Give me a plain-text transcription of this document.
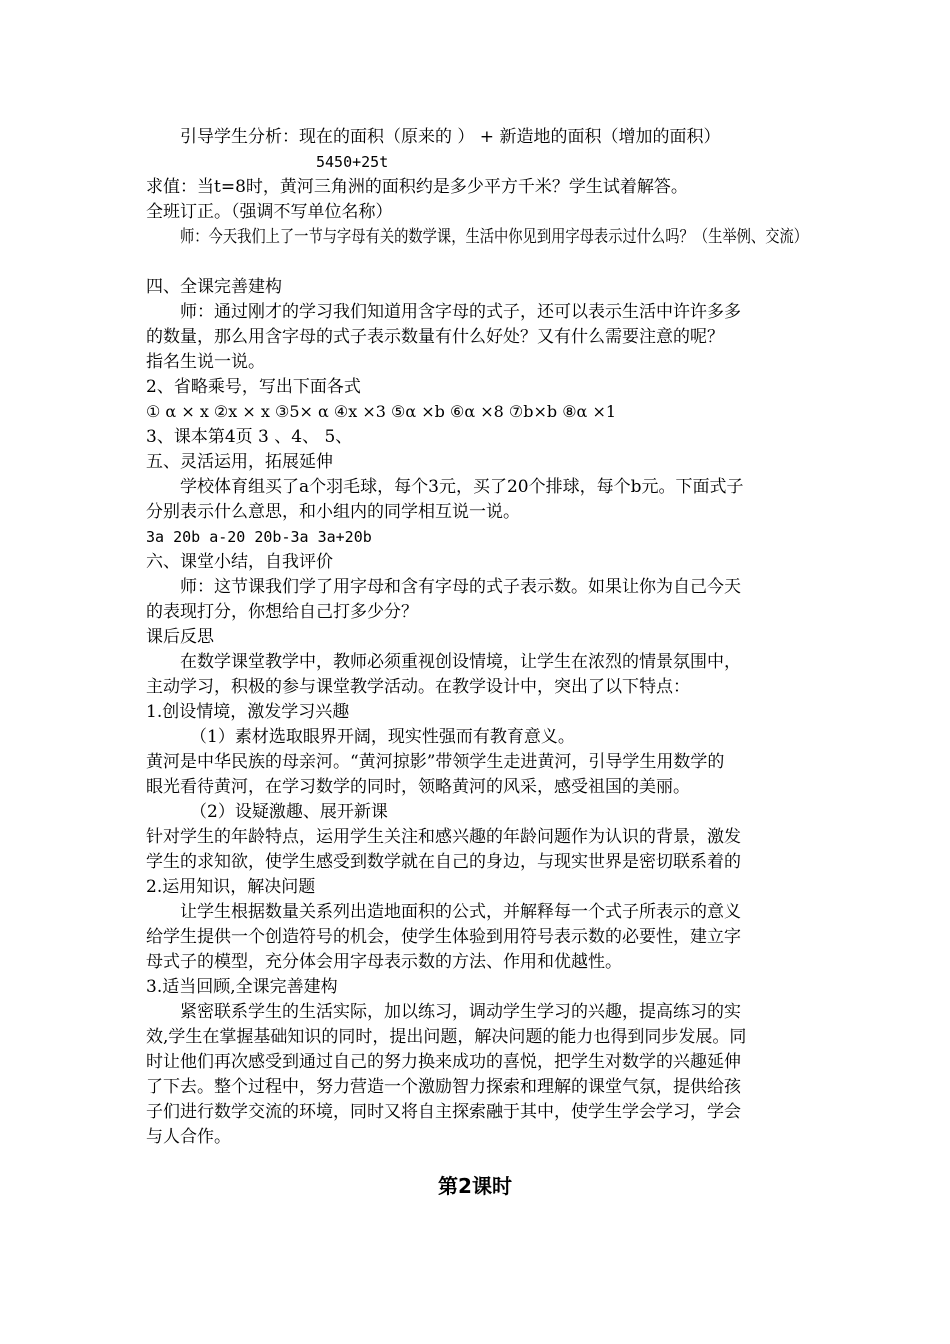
引导学生分析：现在的面积（原来的 ） + 新造地的面积（增加的面积）
5450+25t
求值：当t=8时，黄河三角洲的面积约是多少平方千米？学生试着解答。
全班订正。（强调不写单位名称）
师：今天我们上了一节与字母有关的数学课，生活中你见到用字母表示过什么吗？（生举例、交流）
四、全课完善建构
师：通过刚才的学习我们知道用含字母的式子，还可以表示生活中许许多多
的数量，那么用含字母的式子表示数量有什么好处？又有什么需要注意的呢？
指名生说一说。
2、省略乘号，写出下面各式
① α × x ②x × x ③5× α ④x ×3 ⑤α ×b ⑥α ×8 ⑦b×b ⑧α ×1
3、课本第4页 3 、4、 5、
五、灵活运用，拓展延伸
学校体育组买了a个羽毛球，每个3元，买了20个排球，每个b元。下面式子
分别表示什么意思，和小组内的同学相互说一说。
3a 20b a-20 20b-3a 3a+20b
六、课堂小结，自我评价
师：这节课我们学了用字母和含有字母的式子表示数。如果让你为自己今天
的表现打分，你想给自己打多少分？
课后反思
在数学课堂教学中，教师必须重视创设情境，让学生在浓烈的情景氛围中，
主动学习，积极的参与课堂教学活动。在教学设计中，突出了以下特点：
1.创设情境，激发学习兴趣
（1）素材选取眼界开阔，现实性强而有教育意义。
黄河是中华民族的母亲河。“黄河掠影”带领学生走进黄河，引导学生用数学的
眼光看待黄河，在学习数学的同时，领略黄河的风采，感受祖国的美丽。
（2）设疑激趣、展开新课
针对学生的年龄特点，运用学生关注和感兴趣的年龄问题作为认识的背景，激发
学生的求知欲，使学生感受到数学就在自己的身边，与现实世界是密切联系着的
2.运用知识，解决问题
让学生根据数量关系列出造地面积的公式，并解释每一个式子所表示的意义
给学生提供一个创造符号的机会，使学生体验到用符号表示数的必要性，建立字
母式子的模型，充分体会用字母表示数的方法、作用和优越性。
3.适当回顾,全课完善建构
紧密联系学生的生活实际，加以练习，调动学生学习的兴趣，提高练习的实
效,学生在掌握基础知识的同时，提出问题，解决问题的能力也得到同步发展。同
时让他们再次感受到通过自己的努力换来成功的喜悦，把学生对数学的兴趣延伸
了下去。整个过程中，努力营造一个激励智力探索和理解的课堂气氛，提供给孩
子们进行数学交流的环境，同时又将自主探索融于其中，使学生学会学习，学会
与人合作。
第2课时
